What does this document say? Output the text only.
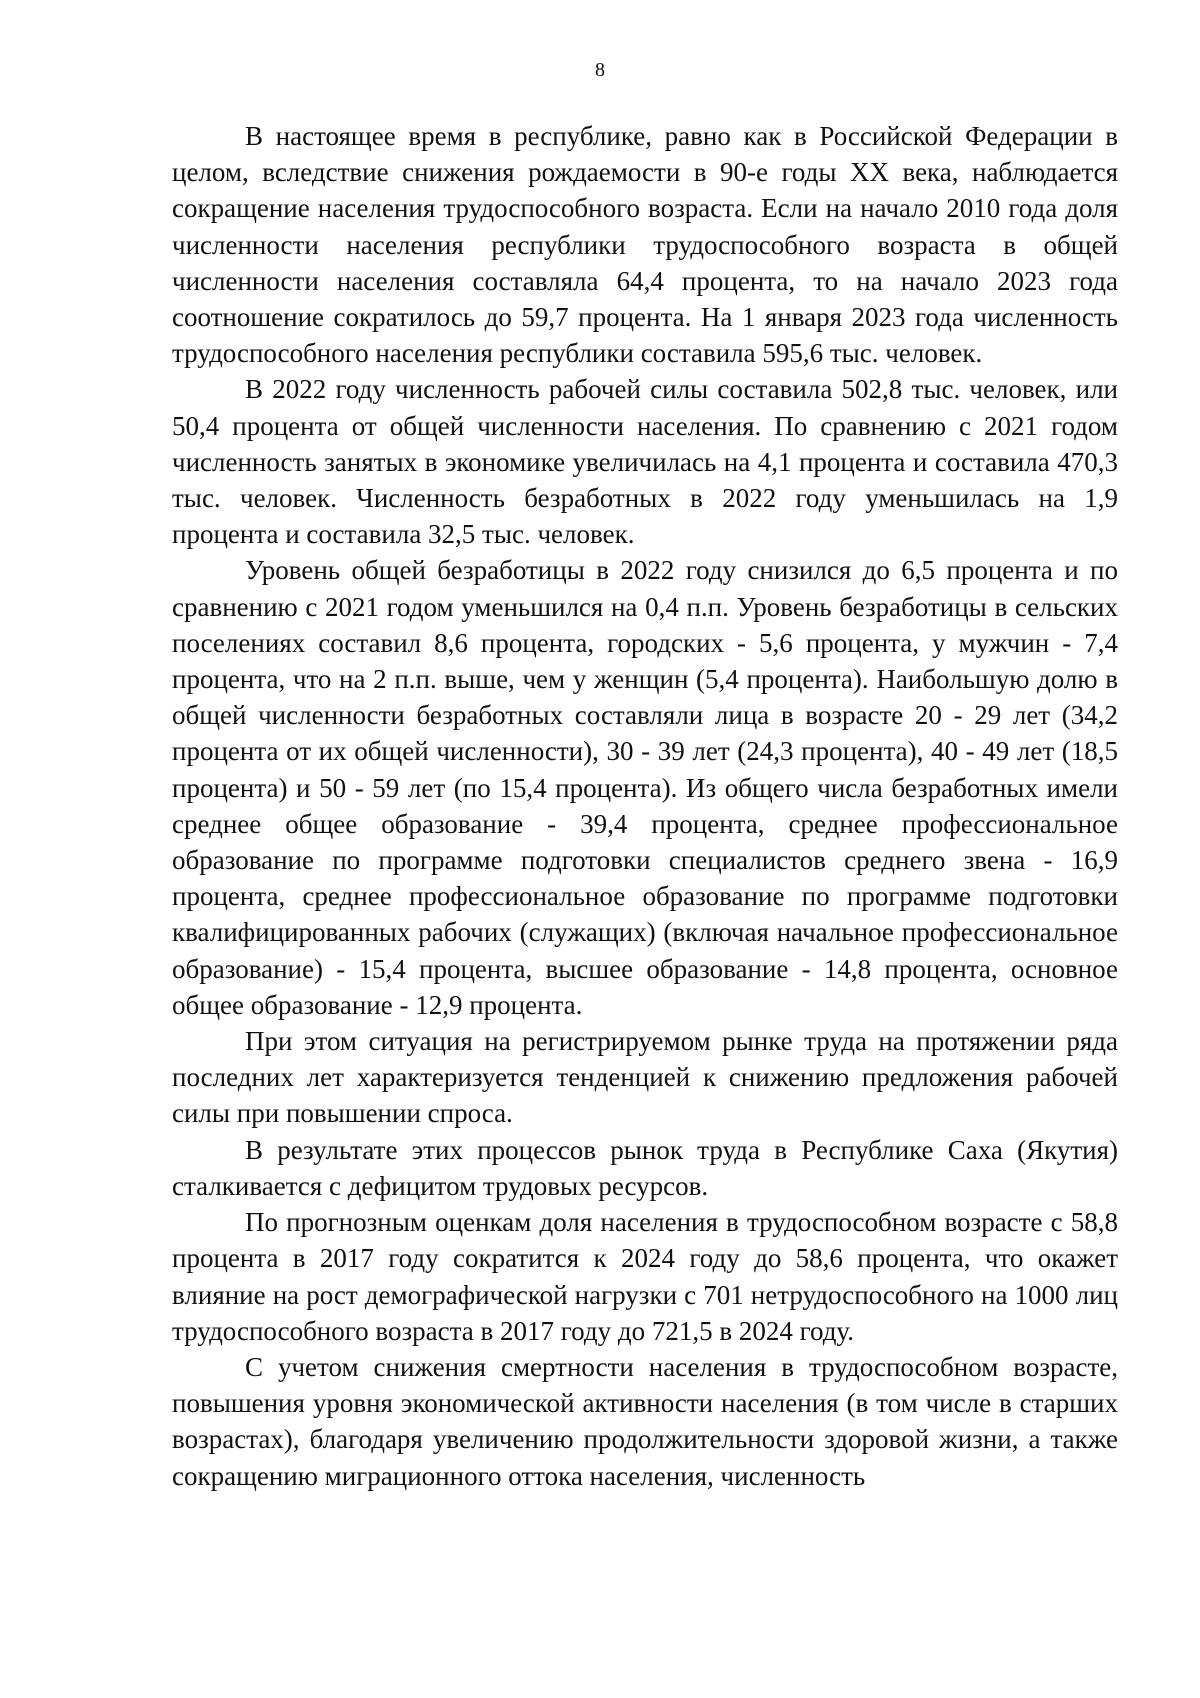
8

В настоящее время в республике, равно как в Российской Федерации в целом, вследствие снижения рождаемости в 90-е годы XX века, наблюдается сокращение населения трудоспособного возраста. Если на начало 2010 года доля численности населения республики трудоспособного возраста в общей численности населения составляла 64,4 процента, то на начало 2023 года соотношение сократилось до 59,7 процента. На 1 января 2023 года численность трудоспособного населения республики составила 595,6 тыс. человек.

В 2022 году численность рабочей силы составила 502,8 тыс. человек, или 50,4 процента от общей численности населения. По сравнению с 2021 годом численность занятых в экономике увеличилась на 4,1 процента и составила 470,3 тыс. человек. Численность безработных в 2022 году уменьшилась на 1,9 процента и составила 32,5 тыс. человек.

Уровень общей безработицы в 2022 году снизился до 6,5 процента и по сравнению с 2021 годом уменьшился на 0,4 п.п. Уровень безработицы в сельских поселениях составил 8,6 процента, городских - 5,6 процента, у мужчин - 7,4 процента, что на 2 п.п. выше, чем у женщин (5,4 процента). Наибольшую долю в общей численности безработных составляли лица в возрасте 20 - 29 лет (34,2 процента от их общей численности), 30 - 39 лет (24,3 процента), 40 - 49 лет (18,5 процента) и 50 - 59 лет (по 15,4 процента). Из общего числа безработных имели среднее общее образование - 39,4 процента, среднее профессиональное образование по программе подготовки специалистов среднего звена - 16,9 процента, среднее профессиональное образование по программе подготовки квалифицированных рабочих (служащих) (включая начальное профессиональное образование) - 15,4 процента, высшее образование - 14,8 процента, основное общее образование - 12,9 процента.

При этом ситуация на регистрируемом рынке труда на протяжении ряда последних лет характеризуется тенденцией к снижению предложения рабочей силы при повышении спроса.

В результате этих процессов рынок труда в Республике Саха (Якутия) сталкивается с дефицитом трудовых ресурсов.

По прогнозным оценкам доля населения в трудоспособном возрасте с 58,8 процента в 2017 году сократится к 2024 году до 58,6 процента, что окажет влияние на рост демографической нагрузки с 701 нетрудоспособного на 1000 лиц трудоспособного возраста в 2017 году до 721,5 в 2024 году.

С учетом снижения смертности населения в трудоспособном возрасте, повышения уровня экономической активности населения (в том числе в старших возрастах), благодаря увеличению продолжительности здоровой жизни, а также сокращению миграционного оттока населения, численность
